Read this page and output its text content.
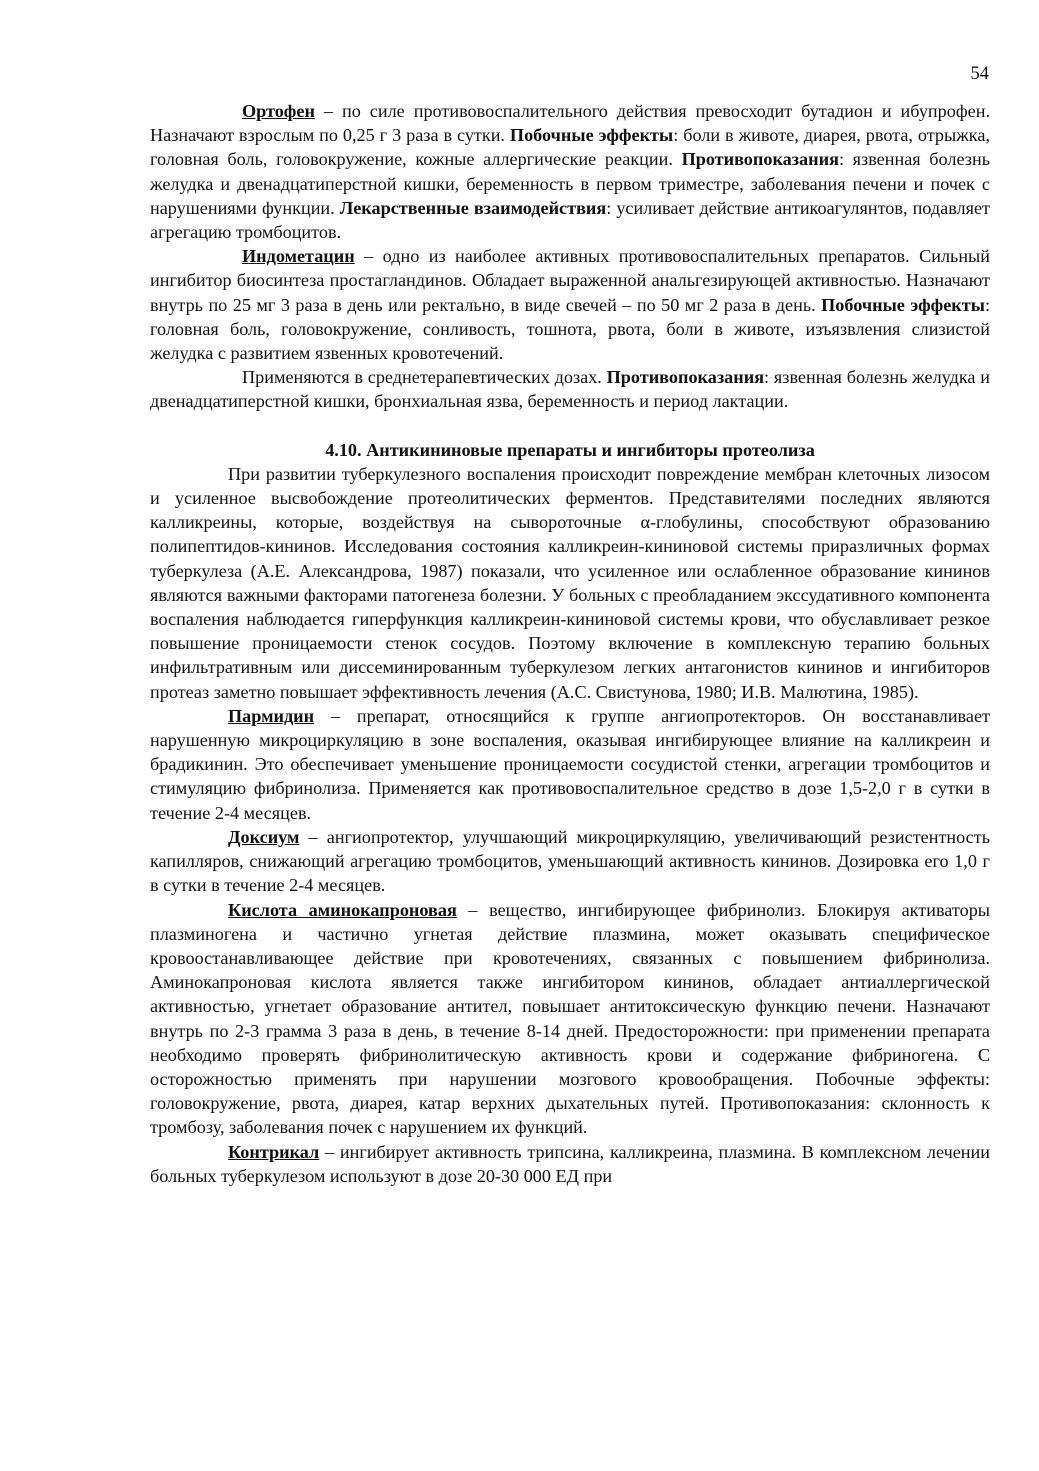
54

Ортофен – по силе противовоспалительного действия превосходит бутадион и ибупрофен. Назначают взрослым по 0,25 г 3 раза в сутки. Побочные эффекты: боли в животе, диарея, рвота, отрыжка, головная боль, головокружение, кожные аллергические реакции. Противопоказания: язвенная болезнь желудка и двенадцатиперстной кишки, беременность в первом триместре, заболевания печени и почек с нарушениями функции. Лекарственные взаимодействия: усиливает действие антикоагулянтов, подавляет агрегацию тромбоцитов.

Индометацин – одно из наиболее активных противовоспалительных препаратов. Сильный ингибитор биосинтеза простагландинов. Обладает выраженной анальгезирующей активностью. Назначают внутрь по 25 мг 3 раза в день или ректально, в виде свечей – по 50 мг 2 раза в день. Побочные эффекты: головная боль, головокружение, сонливость, тошнота, рвота, боли в животе, изъязвления слизистой желудка с развитием язвенных кровотечений.

Применяются в среднетерапевтических дозах. Противопоказания: язвенная болезнь желудка и двенадцатиперстной кишки, бронхиальная язва, беременность и период лактации.

4.10. Антикининовые препараты и ингибиторы протеолиза

При развитии туберкулезного воспаления происходит повреждение мембран клеточных лизосом и усиленное высвобождение протеолитических ферментов. Представителями последних являются калликреины, которые, воздействуя на сывороточные α-глобулины, способствуют образованию полипептидов-кининов. Исследования состояния калликреин-кининовой системы приразличных формах туберкулеза (А.Е. Александрова, 1987) показали, что усиленное или ослабленное образование кининов являются важными факторами патогенеза болезни. У больных с преобладанием экссудативного компонента воспаления наблюдается гиперфункция калликреин-кининовой системы крови, что обуславливает резкое повышение проницаемости стенок сосудов. Поэтому включение в комплексную терапию больных инфильтративным или диссеминированным туберкулезом легких антагонистов кининов и ингибиторов протеаз заметно повышает эффективность лечения (А.С. Свистунова, 1980; И.В. Малютина, 1985).

Пармидин – препарат, относящийся к группе ангиопротекторов. Он восстанавливает нарушенную микроциркуляцию в зоне воспаления, оказывая ингибирующее влияние на калликреин и брадикинин. Это обеспечивает уменьшение проницаемости сосудистой стенки, агрегации тромбоцитов и стимуляцию фибринолиза. Применяется как противовоспалительное средство в дозе 1,5-2,0 г в сутки в течение 2-4 месяцев.

Доксиум – ангиопротектор, улучшающий микроциркуляцию, увеличивающий резистентность капилляров, снижающий агрегацию тромбоцитов, уменьшающий активность кининов. Дозировка его 1,0 г в сутки в течение 2-4 месяцев.

Кислота аминокапроновая – вещество, ингибирующее фибринолиз. Блокируя активаторы плазминогена и частично угнетая действие плазмина, может оказывать специфическое кровоостанавливающее действие при кровотечениях, связанных с повышением фибринолиза. Аминокапроновая кислота является также ингибитором кининов, обладает антиаллергической активностью, угнетает образование антител, повышает антитоксическую функцию печени. Назначают внутрь по 2-3 грамма 3 раза в день, в течение 8-14 дней. Предосторожности: при применении препарата необходимо проверять фибринолитическую активность крови и содержание фибриногена. С осторожностью применять при нарушении мозгового кровообращения. Побочные эффекты: головокружение, рвота, диарея, катар верхних дыхательных путей. Противопоказания: склонность к тромбозу, заболевания почек с нарушением их функций.

Контрикал – ингибирует активность трипсина, калликреина, плазмина. В комплексном лечении больных туберкулезом используют в дозе 20-30 000 ЕД при
